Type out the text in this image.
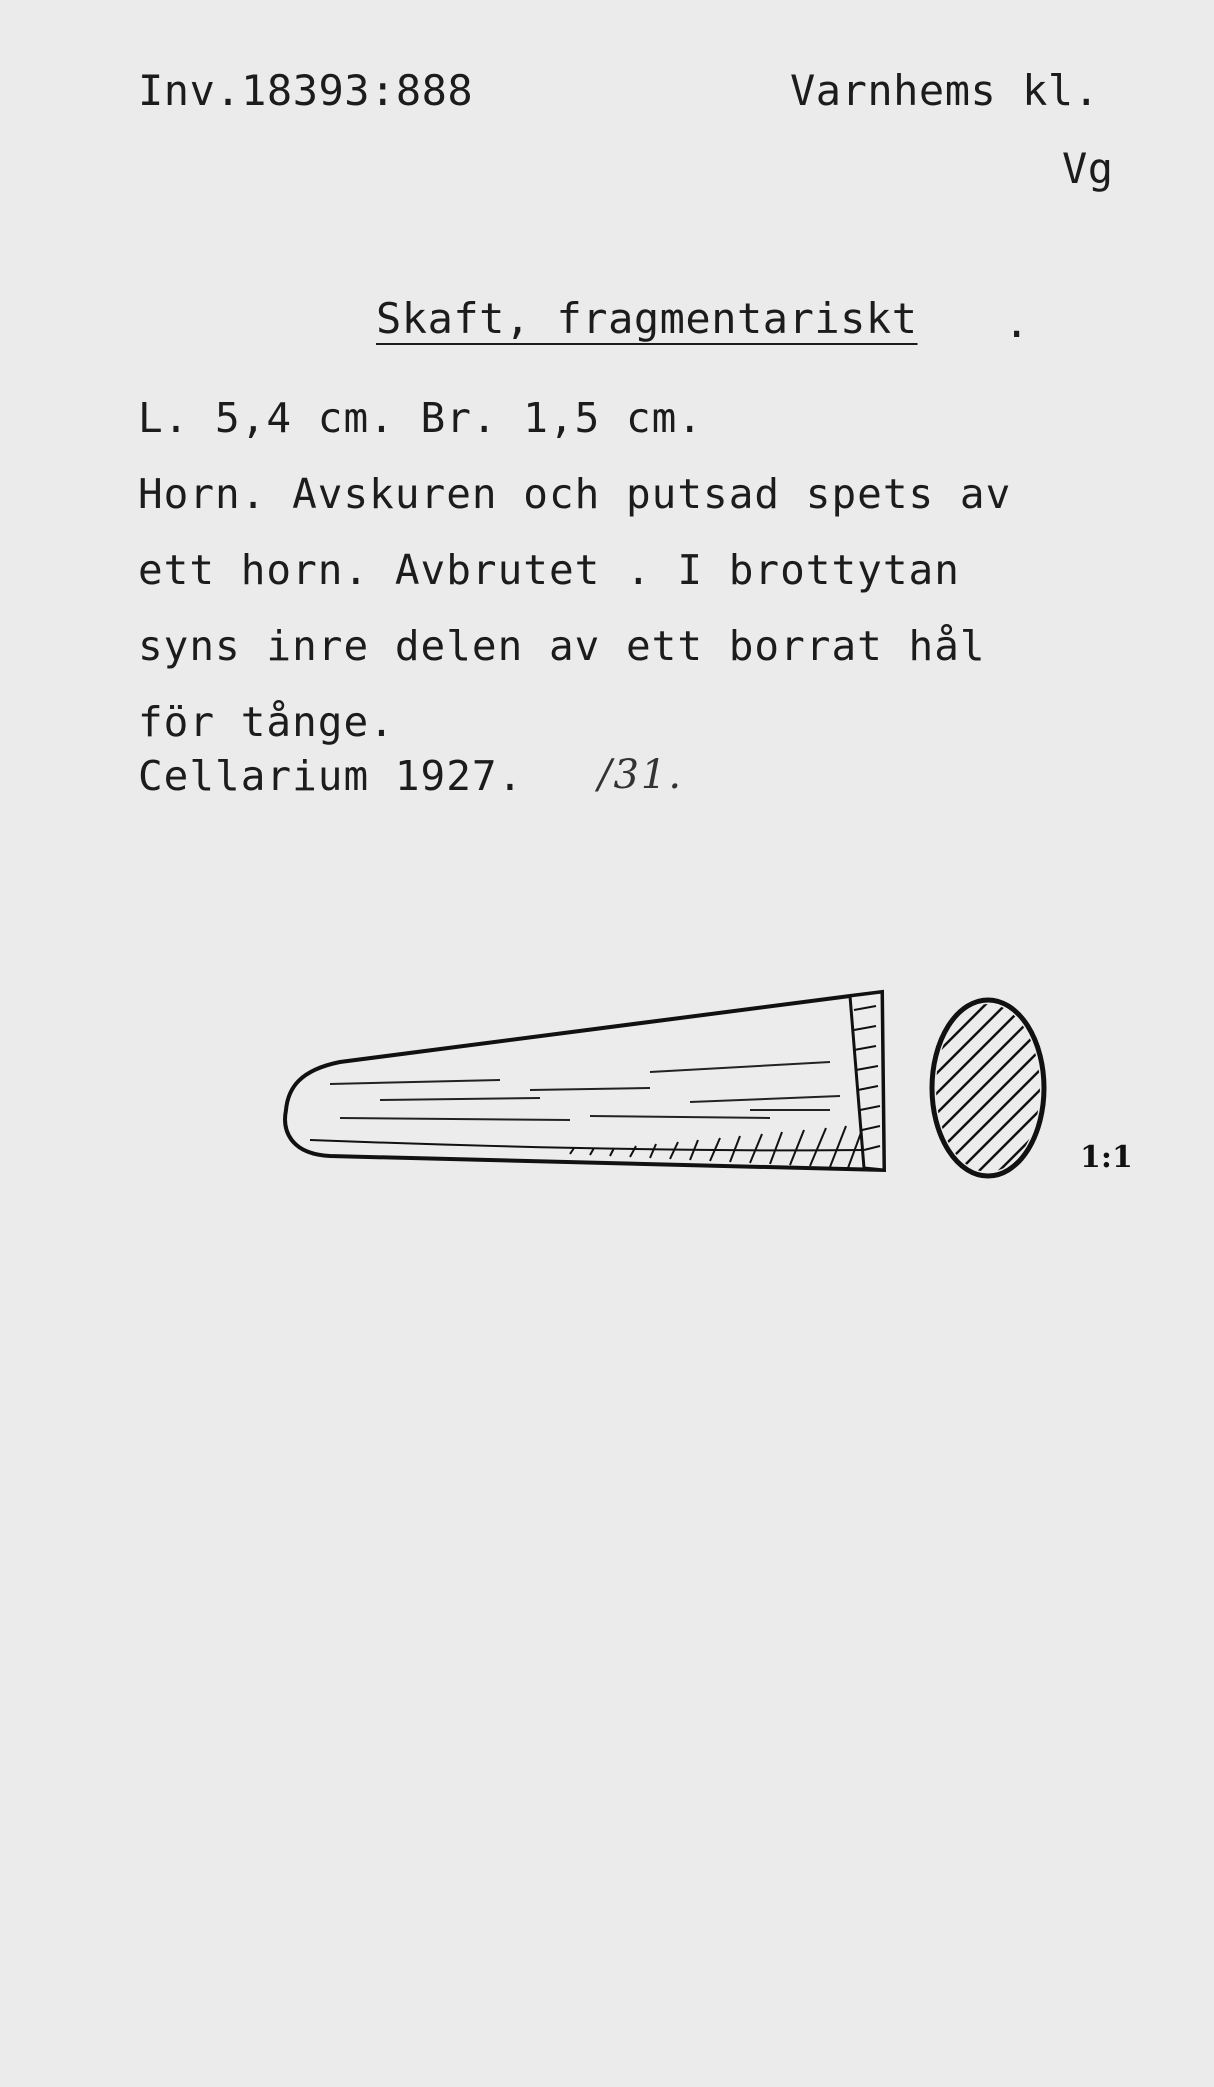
Inv.18393:888	Varnhems kl.
Vg
Skaft, fragmentariskt .
L. 5,4 cm. Br. 1,5 cm.
Horn. Avskuren och putsad spets av
ett horn. Avbrutet . I brottytan
syns inre delen av ett borrat hål
för tånge.
Cellarium 1927. /31.
1:1
